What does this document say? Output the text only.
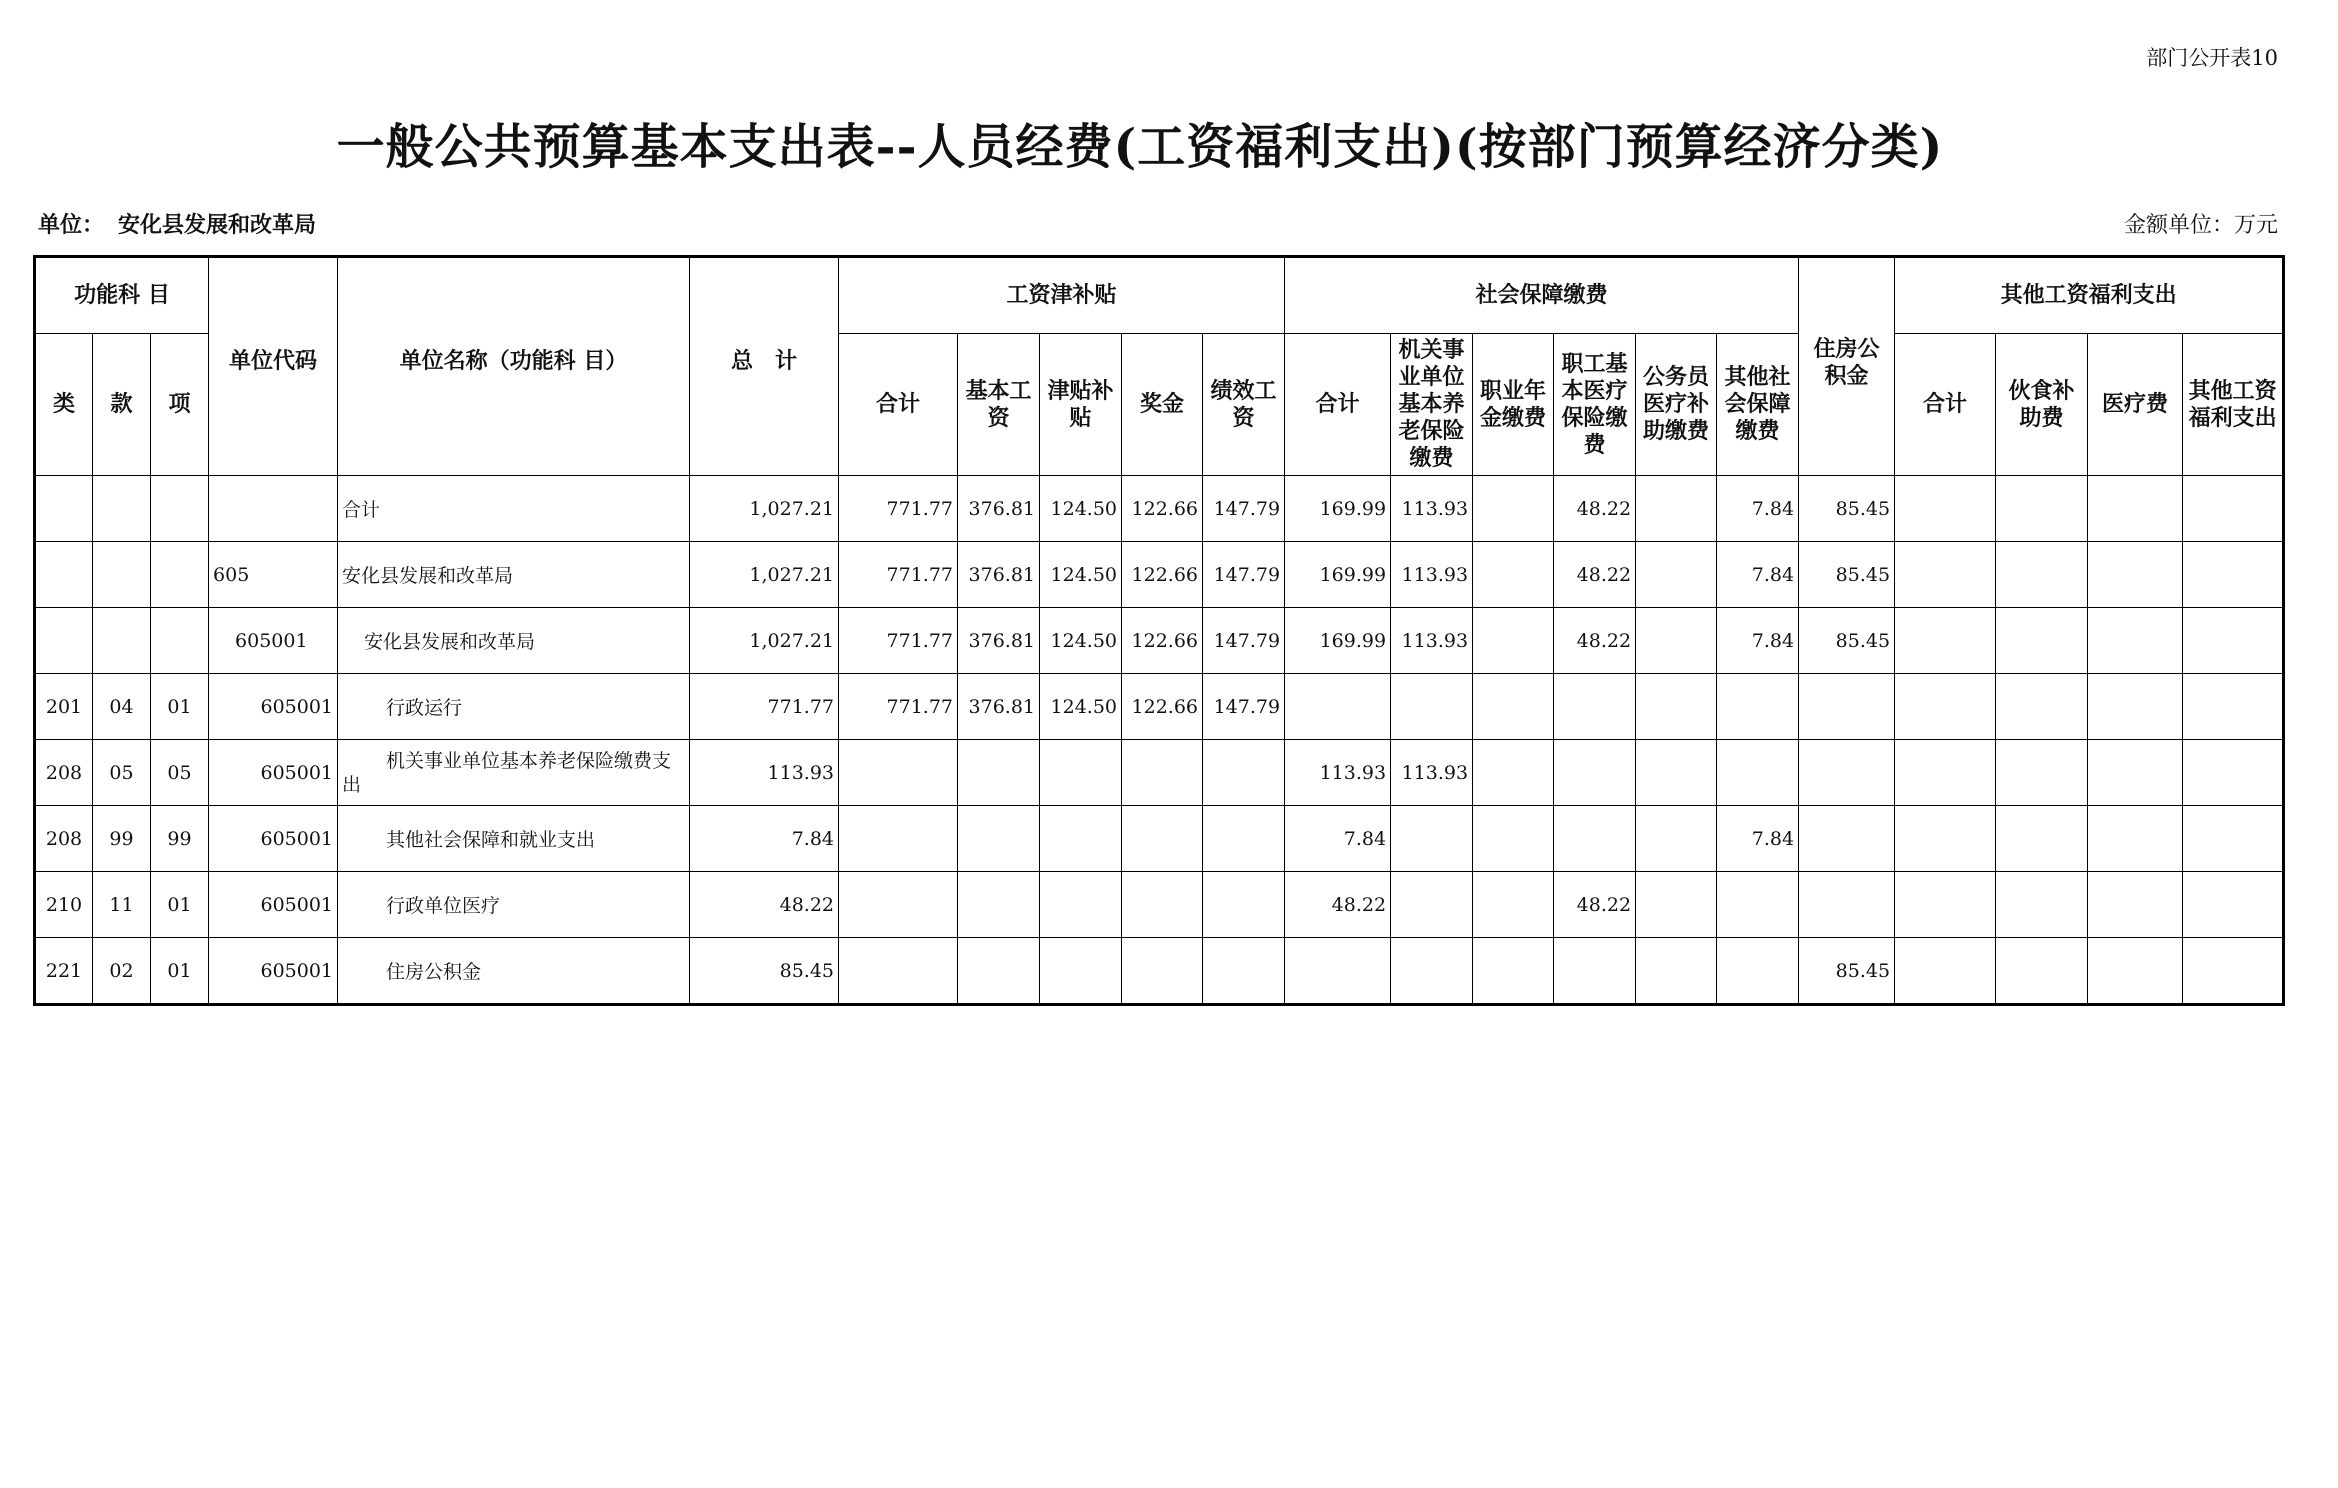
部门公开表10
一般公共预算基本支出表--人员经费(工资福利支出)(按部门预算经济分类)
单位： 安化县发展和改革局	金额单位：万元
功能科 目			单位代码	单位名称（功能科 目）	总　计	工资津补贴					社会保障缴费						住房公积金	其他工资福利支出			
类	款	项				合计	基本工资	津贴补贴	奖金	绩效工资	合计	机关事业单位基本养老保险缴费	职业年金缴费	职工基本医疗保险缴费	公务员医疗补助缴费	其他社会保障缴费		合计	伙食补助费	医疗费	其他工资福利支出
				合计	1,027.21	771.77	376.81	124.50	122.66	147.79	169.99	113.93		48.22		7.84	85.45				
			605	安化县发展和改革局	1,027.21	771.77	376.81	124.50	122.66	147.79	169.99	113.93		48.22		7.84	85.45				
			605001	安化县发展和改革局	1,027.21	771.77	376.81	124.50	122.66	147.79	169.99	113.93		48.22		7.84	85.45				
201	04	01	605001	行政运行	771.77	771.77	376.81	124.50	122.66	147.79											
208	05	05	605001	机关事业单位基本养老保险缴费支出	113.93						113.93	113.93									
208	99	99	605001	其他社会保障和就业支出	7.84						7.84					7.84					
210	11	01	605001	行政单位医疗	48.22						48.22			48.22							
221	02	01	605001	住房公积金	85.45												85.45				
